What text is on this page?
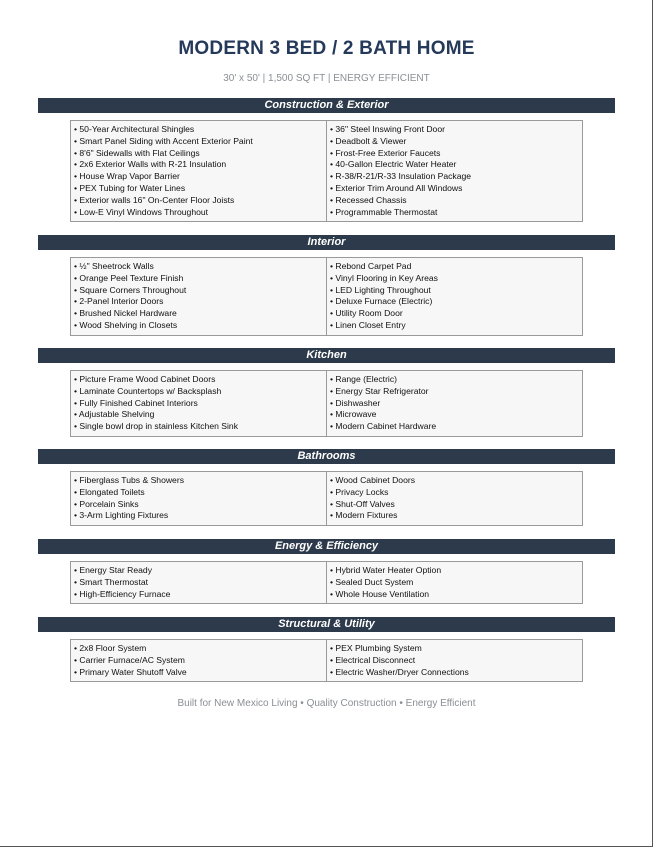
MODERN 3 BED / 2 BATH HOME
30' x 50' | 1,500 SQ FT | ENERGY EFFICIENT
Construction & Exterior
• 50-Year Architectural Shingles
• Smart Panel Siding with Accent Exterior Paint
• 8'6" Sidewalls with Flat Ceilings
• 2x6 Exterior Walls with R-21 Insulation
• House Wrap Vapor Barrier
• PEX Tubing for Water Lines
• Exterior walls 16" On-Center Floor Joists
• Low-E Vinyl Windows Throughout
• 36" Steel Inswing Front Door
• Deadbolt & Viewer
• Frost-Free Exterior Faucets
• 40-Gallon Electric Water Heater
• R-38/R-21/R-33 Insulation Package
• Exterior Trim Around All Windows
• Recessed Chassis
• Programmable Thermostat
Interior
• ½" Sheetrock Walls
• Orange Peel Texture Finish
• Square Corners Throughout
• 2-Panel Interior Doors
• Brushed Nickel Hardware
• Wood Shelving in Closets
• Rebond Carpet Pad
• Vinyl Flooring in Key Areas
• LED Lighting Throughout
• Deluxe Furnace (Electric)
• Utility Room Door
• Linen Closet Entry
Kitchen
• Picture Frame Wood Cabinet Doors
• Laminate Countertops w/ Backsplash
• Fully Finished Cabinet Interiors
• Adjustable Shelving
• Single bowl drop in stainless Kitchen Sink
• Range (Electric)
• Energy Star Refrigerator
• Dishwasher
• Microwave
• Modern Cabinet Hardware
Bathrooms
• Fiberglass Tubs & Showers
• Elongated Toilets
• Porcelain Sinks
• 3-Arm Lighting Fixtures
• Wood Cabinet Doors
• Privacy Locks
• Shut-Off Valves
• Modern Fixtures
Energy & Efficiency
• Energy Star Ready
• Smart Thermostat
• High-Efficiency Furnace
• Hybrid Water Heater Option
• Sealed Duct System
• Whole House Ventilation
Structural & Utility
• 2x8 Floor System
• Carrier Furnace/AC System
• Primary Water Shutoff Valve
• PEX Plumbing System
• Electrical Disconnect
• Electric Washer/Dryer Connections
Built for New Mexico Living • Quality Construction • Energy Efficient
